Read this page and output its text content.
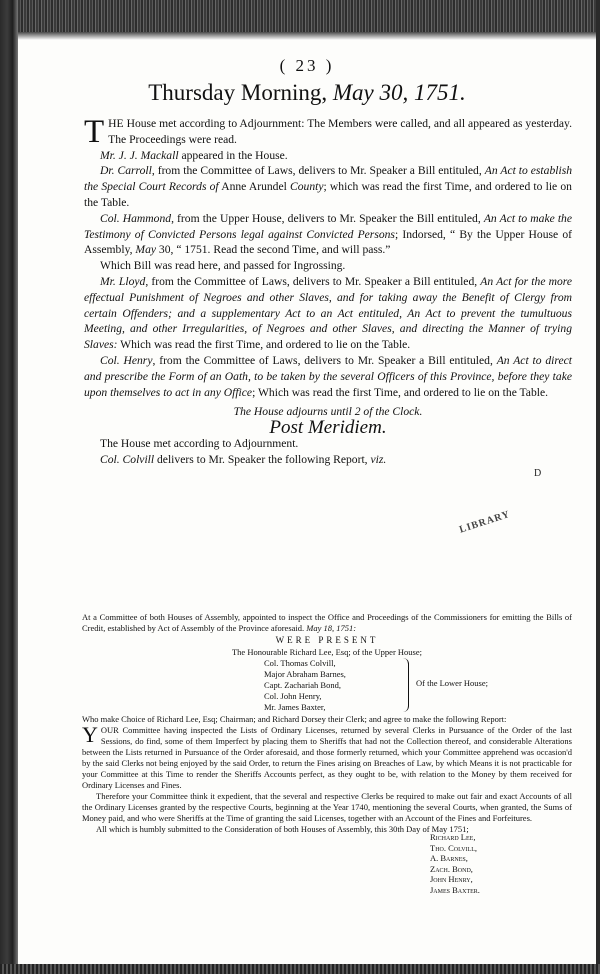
( 23 )
Thursday Morning, May 30, 1751.

THE House met according to Adjournment: The Members were called, and all appeared as yesterday. The Proceedings were read.

Mr. J. J. Mackall appeared in the House.

Dr. Carroll, from the Committee of Laws, delivers to Mr. Speaker a Bill entituled, An Act to establish the Special Court Records of Anne Arundel County; which was read the first Time, and ordered to lie on the Table.

Col. Hammond, from the Upper House, delivers to Mr. Speaker the Bill entituled, An Act to make the Testimony of Convicted Persons legal against Convicted Persons; Indorsed, “ By the Upper House of Assembly, May 30, “ 1751. Read the second Time, and will pass.”

Which Bill was read here, and passed for Ingrossing.

Mr. Lloyd, from the Committee of Laws, delivers to Mr. Speaker a Bill entituled, An Act for the more effectual Punishment of Negroes and other Slaves, and for taking away the Benefit of Clergy from certain Offenders; and a supplementary Act to an Act entituled, An Act to prevent the tumultuous Meeting, and other Irregularities, of Negroes and other Slaves, and directing the Manner of trying Slaves: Which was read the first Time, and ordered to lie on the Table.

Col. Henry, from the Committee of Laws, delivers to Mr. Speaker a Bill entituled, An Act to direct and prescribe the Form of an Oath, to be taken by the several Officers of this Province, before they take upon themselves to act in any Office; Which was read the first Time, and ordered to lie on the Table.

The House adjourns until 2 of the Clock.

Post Meridiem.

The House met according to Adjournment.

Col. Colvill delivers to Mr. Speaker the following Report, viz.

D
LIBRARY

At a Committee of both Houses of Assembly, appointed to inspect the Office and Proceedings of the Commissioners for emitting the Bills of Credit, established by Act of Assembly of the Province aforesaid. May 18, 1751:

WERE PRESENT
The Honourable Richard Lee, Esq; of the Upper House;
Col. Thomas Colvill,
Major Abraham Barnes,
Capt. Zachariah Bond,
Col. John Henry,
Mr. James Baxter,
Of the Lower House;

Who make Choice of Richard Lee, Esq; Chairman; and Richard Dorsey their Clerk; and agree to make the following Report:

YOUR Committee having inspected the Lists of Ordinary Licenses, returned by several Clerks in Pursuance of the Order of the last Sessions, do find, some of them Imperfect by placing them to Sheriffs that had not the Collection thereof, and considerable Alterations between the Lists returned in Pursuance of the Order aforesaid, and those formerly returned, which your Committee apprehend was occasion'd by the said Clerks not being enjoyed by the said Order, to return the Fines arising on Breaches of Law, by which Means it is not practicable for your Committee at this Time to render the Sheriffs Accounts perfect, as they ought to be, with relation to the Money by them received for Ordinary Licenses and Fines.

Therefore your Committee think it expedient, that the several and respective Clerks be required to make out fair and exact Accounts of all the Ordinary Licenses granted by the respective Courts, beginning at the Year 1740, mentioning the several Courts, when granted, the Sums of Money paid, and who were Sheriffs at the Time of granting the said Licenses, together with an Account of the Fines and Forfeitures.

All which is humbly submitted to the Consideration of both Houses of Assembly, this 30th Day of May 1751;

Richard Lee,
Tho. Colvill,
A. Barnes,
Zach. Bond,
John Henry,
James Baxter.
